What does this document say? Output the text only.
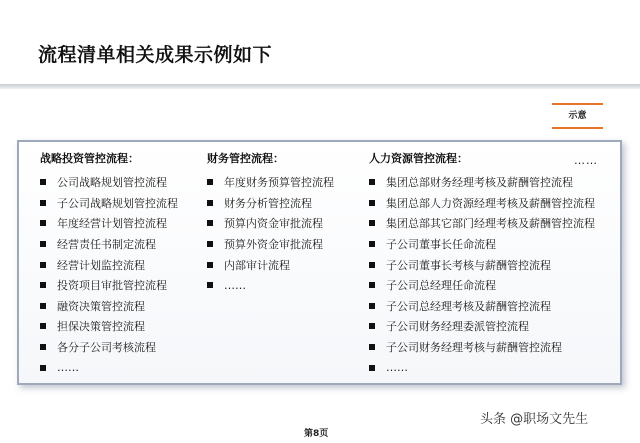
流程清单相关成果示例如下
示意
战略投资管控流程：
公司战略规划管控流程
子公司战略规划管控流程
年度经营计划管控流程
经营责任书制定流程
经营计划监控流程
投资项目审批管控流程
融资决策管控流程
担保决策管控流程
各分子公司考核流程
……
财务管控流程：
年度财务预算管控流程
财务分析管控流程
预算内资金审批流程
预算外资金审批流程
内部审计流程
……
人力资源管控流程：
集团总部财务经理考核及薪酬管控流程
集团总部人力资源经理考核及薪酬管控流程
集团总部其它部门经理考核及薪酬管控流程
子公司董事长任命流程
子公司董事长考核与薪酬管控流程
子公司总经理任命流程
子公司总经理考核及薪酬管控流程
子公司财务经理委派管控流程
子公司财务经理考核与薪酬管控流程
……
……
第8页
头条 @职场文先生
